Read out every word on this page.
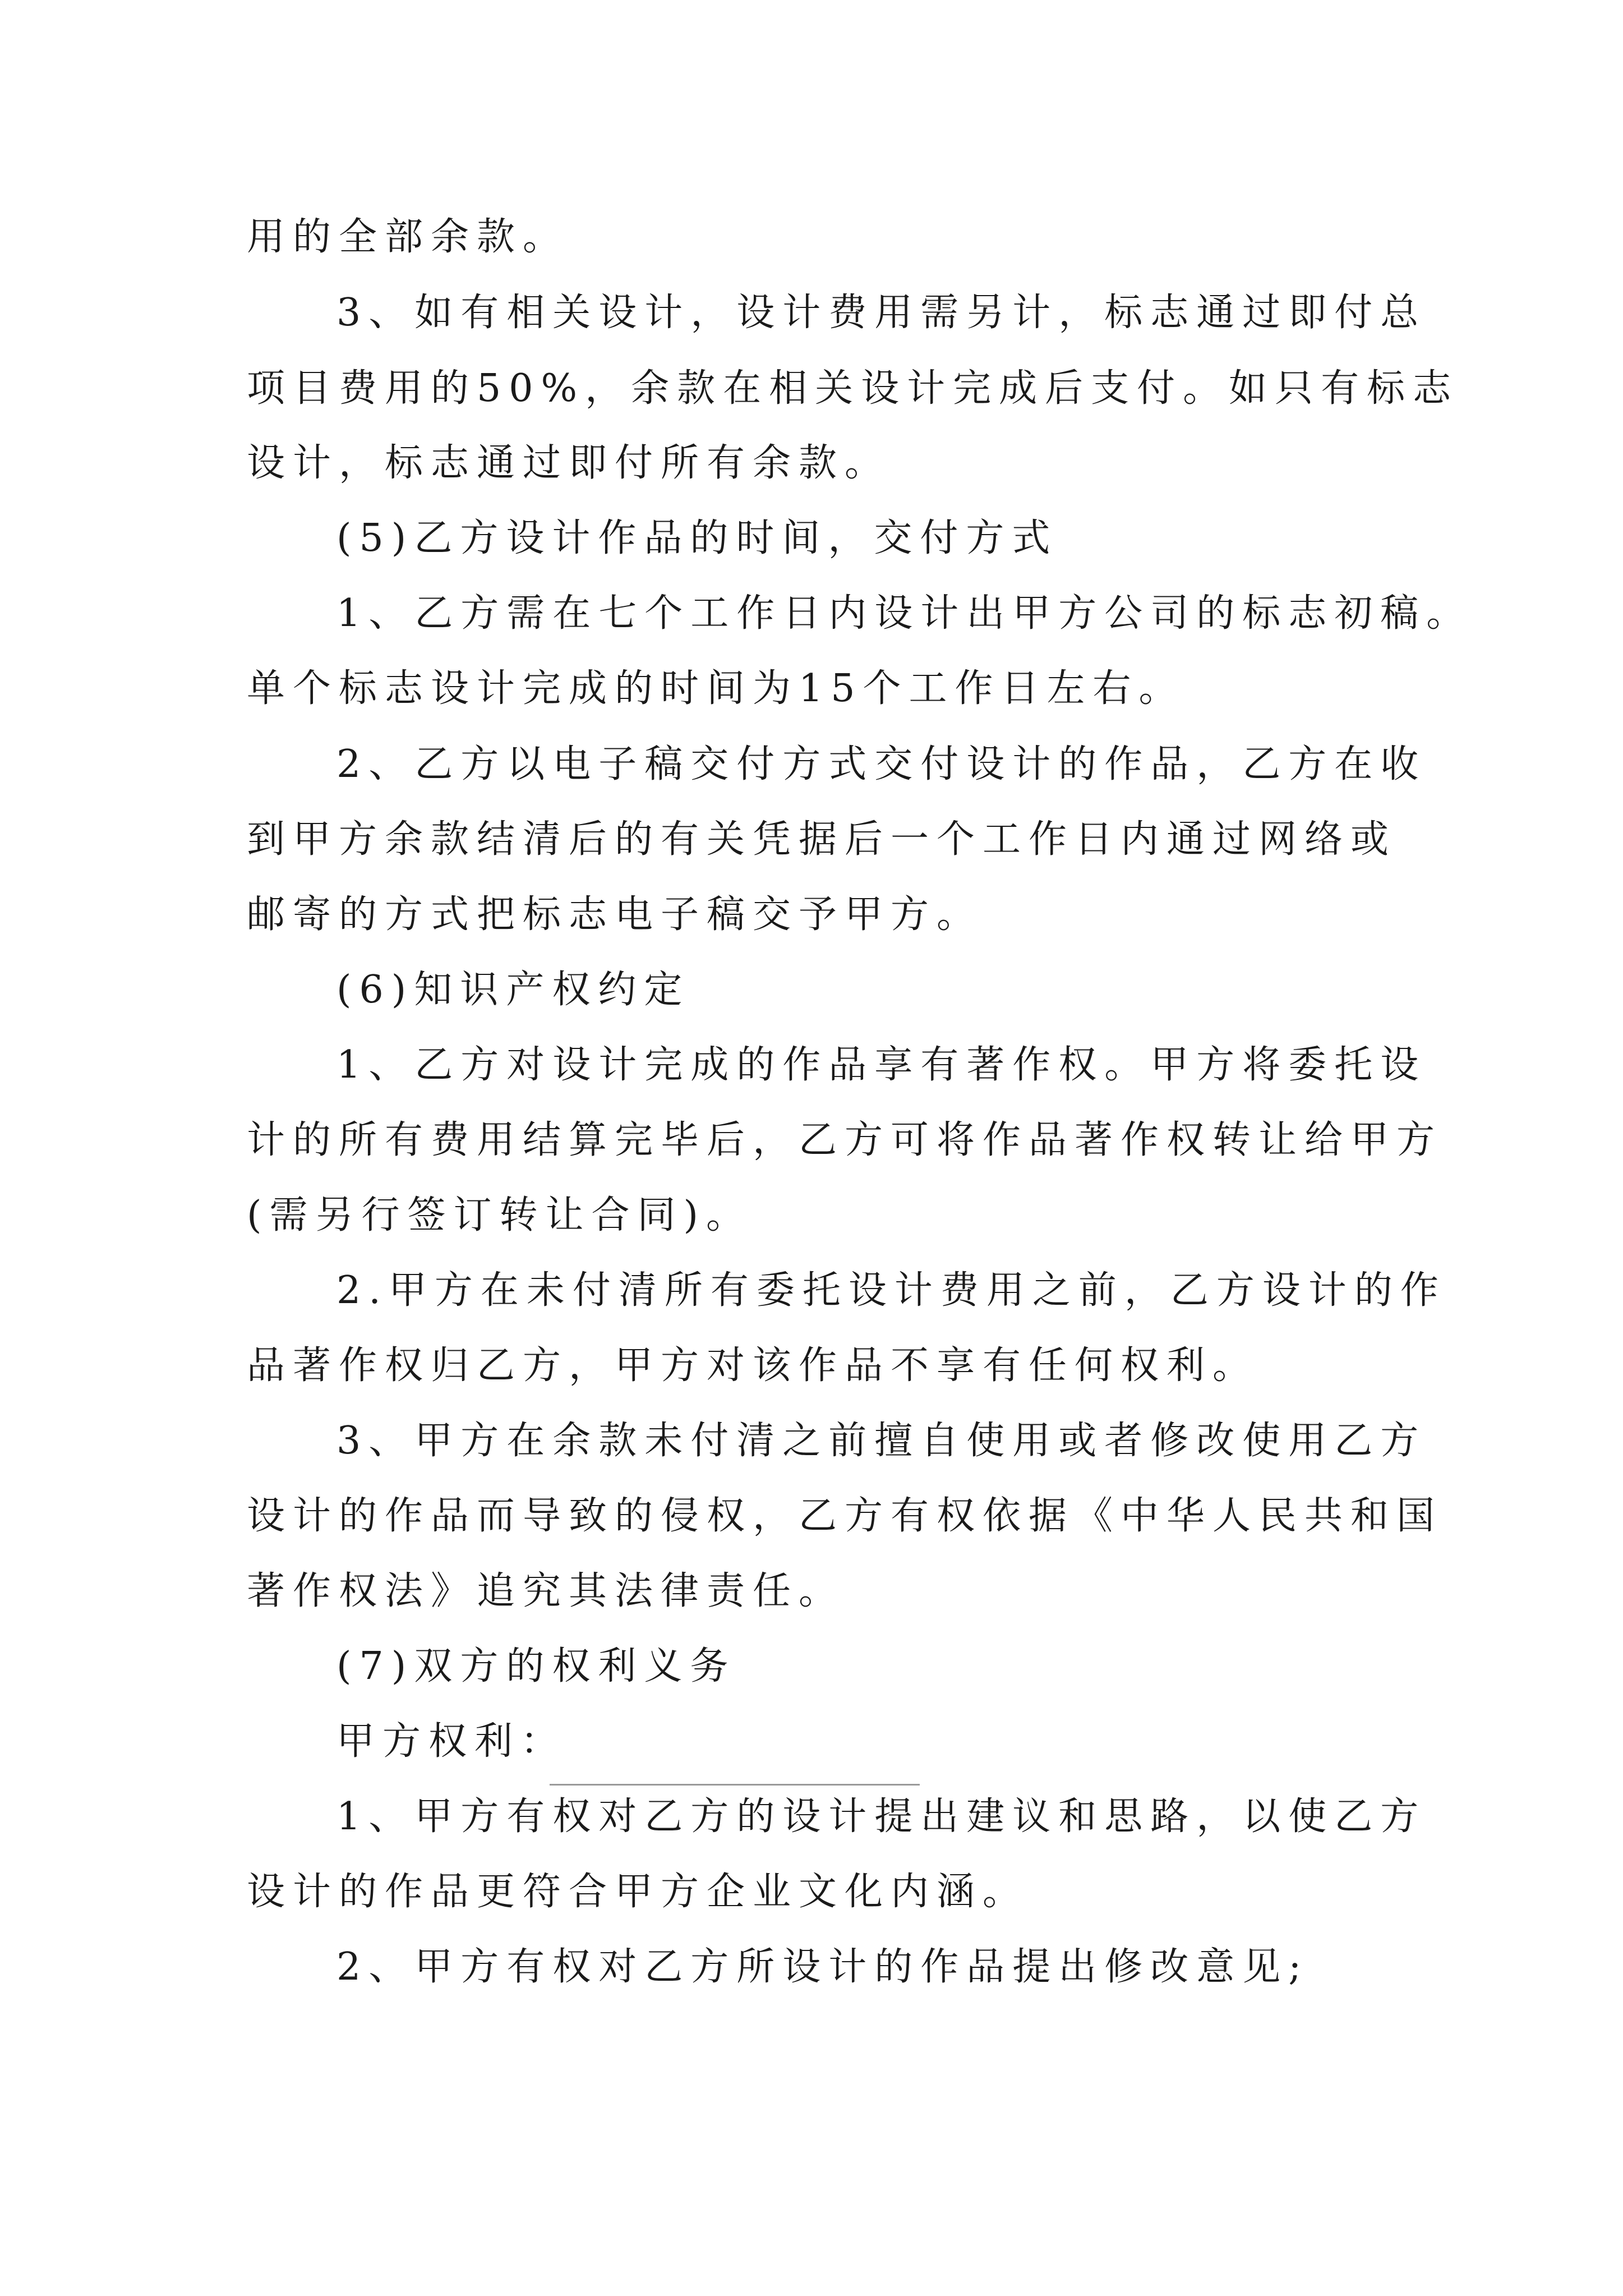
用的全部余款。
3、如有相关设计，设计费用需另计，标志通过即付总
项目费用的50%，余款在相关设计完成后支付。如只有标志
设计，标志通过即付所有余款。
(5)乙方设计作品的时间，交付方式
1、乙方需在七个工作日内设计出甲方公司的标志初稿。
单个标志设计完成的时间为15个工作日左右。
2、乙方以电子稿交付方式交付设计的作品，乙方在收
到甲方余款结清后的有关凭据后一个工作日内通过网络或
邮寄的方式把标志电子稿交予甲方。
(6)知识产权约定
1、乙方对设计完成的作品享有著作权。甲方将委托设
计的所有费用结算完毕后，乙方可将作品著作权转让给甲方
(需另行签订转让合同)。
2.甲方在未付清所有委托设计费用之前，乙方设计的作
品著作权归乙方，甲方对该作品不享有任何权利。
3、甲方在余款未付清之前擅自使用或者修改使用乙方
设计的作品而导致的侵权，乙方有权依据《中华人民共和国
著作权法》追究其法律责任。
(7)双方的权利义务
甲方权利：
1、甲方有权对乙方的设计提出建议和思路，以使乙方
设计的作品更符合甲方企业文化内涵。
2、甲方有权对乙方所设计的作品提出修改意见;
